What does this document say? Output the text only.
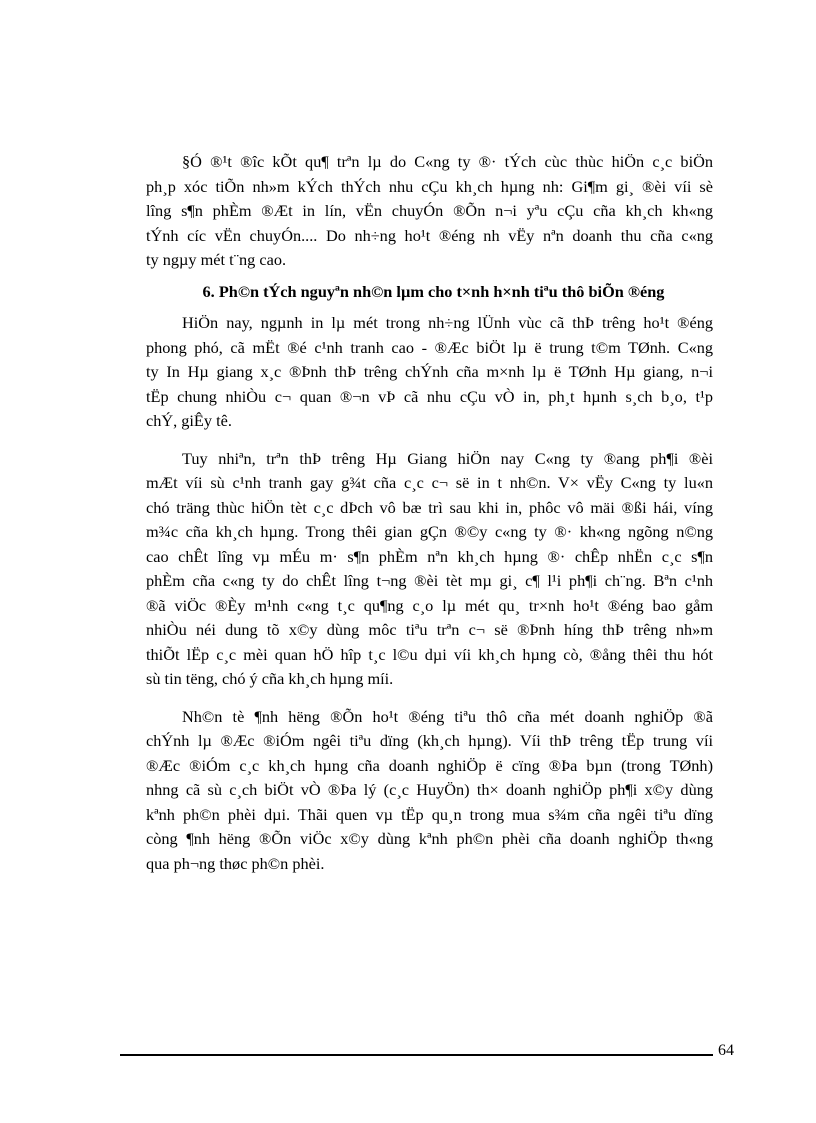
§Ó ®¹t ®îc kÕt qu¶ trªn lµ do C«ng ty ®· tÝch cùc thùc hiÖn c¸c biÖn
ph¸p xóc tiÕn nh»m kÝch thÝch nhu cÇu kh¸ch hµng nh: Gi¶m gi¸ ®èi víi sè
lîng s¶n phÈm ®Æt in lín, vËn chuyÓn ®Õn n¬i yªu cÇu cña kh¸ch kh«ng
tÝnh cíc vËn chuyÓn.... Do nh÷ng ho¹t ®éng nh vËy nªn doanh thu cña c«ng
ty ngµy mét t¨ng cao.
6. Ph©n tÝch nguyªn nh©n lµm cho t×nh h×nh tiªu thô biÕn ®éng
HiÖn nay, ngµnh in lµ mét trong nh÷ng lÜnh vùc cã thÞ trêng ho¹t ®éng
phong phó, cã mËt ®é c¹nh tranh cao - ®Æc biÖt lµ ë trung t©m TØnh. C«ng
ty In Hµ giang x¸c ®Þnh thÞ trêng chÝnh cña m×nh lµ ë TØnh Hµ giang, n¬i
tËp chung nhiÒu c¬ quan ®¬n vÞ cã nhu cÇu vÒ in, ph¸t hµnh s¸ch b¸o, t¹p
chÝ, giÊy tê.
Tuy nhiªn, trªn thÞ trêng Hµ Giang hiÖn nay C«ng ty ®ang ph¶i ®èi
mÆt víi sù c¹nh tranh gay g¾t cña c¸c c¬ së in t nh©n. V× vËy C«ng ty lu«n
chó träng thùc hiÖn tèt c¸c dÞch vô bæ trì sau khi in, phôc vô mäi ®ßi hái, víng
m¾c cña kh¸ch hµng. Trong thêi gian gÇn ®©y c«ng ty ®· kh«ng ngõng n©ng
cao chÊt lîng vµ mÉu m· s¶n phÈm nªn kh¸ch hµng ®· chÊp nhËn c¸c s¶n
phÈm cña c«ng ty do chÊt lîng t¬ng ®èi tèt mµ gi¸ c¶ l¹i ph¶i ch¨ng. Bªn c¹nh
®ã viÖc ®Èy m¹nh c«ng t¸c qu¶ng c¸o lµ mét qu¸ tr×nh ho¹t ®éng bao gåm
nhiÒu néi dung tõ x©y dùng môc tiªu trªn c¬ së ®Þnh híng thÞ trêng nh»m
thiÕt lËp c¸c mèi quan hÖ hîp t¸c l©u dµi víi kh¸ch hµng cò, ®ång thêi thu hót
sù tin tëng, chó ý cña kh¸ch hµng míi.
Nh©n tè ¶nh hëng ®Õn ho¹t ®éng tiªu thô cña mét doanh nghiÖp ®ã
chÝnh lµ ®Æc ®iÓm ngêi tiªu dïng (kh¸ch hµng). Víi thÞ trêng tËp trung víi
®Æc ®iÓm c¸c kh¸ch hµng cña doanh nghiÖp ë cïng ®Þa bµn (trong TØnh)
nhng cã sù c¸ch biÖt vÒ ®Þa lý (c¸c HuyÖn) th× doanh nghiÖp ph¶i x©y dùng
kªnh ph©n phèi dµi. Thãi quen vµ tËp qu¸n trong mua s¾m cña ngêi tiªu dïng
còng ¶nh hëng ®Õn viÖc x©y dùng kªnh ph©n phèi cña doanh nghiÖp th«ng
qua ph¬ng thøc ph©n phèi.
64
